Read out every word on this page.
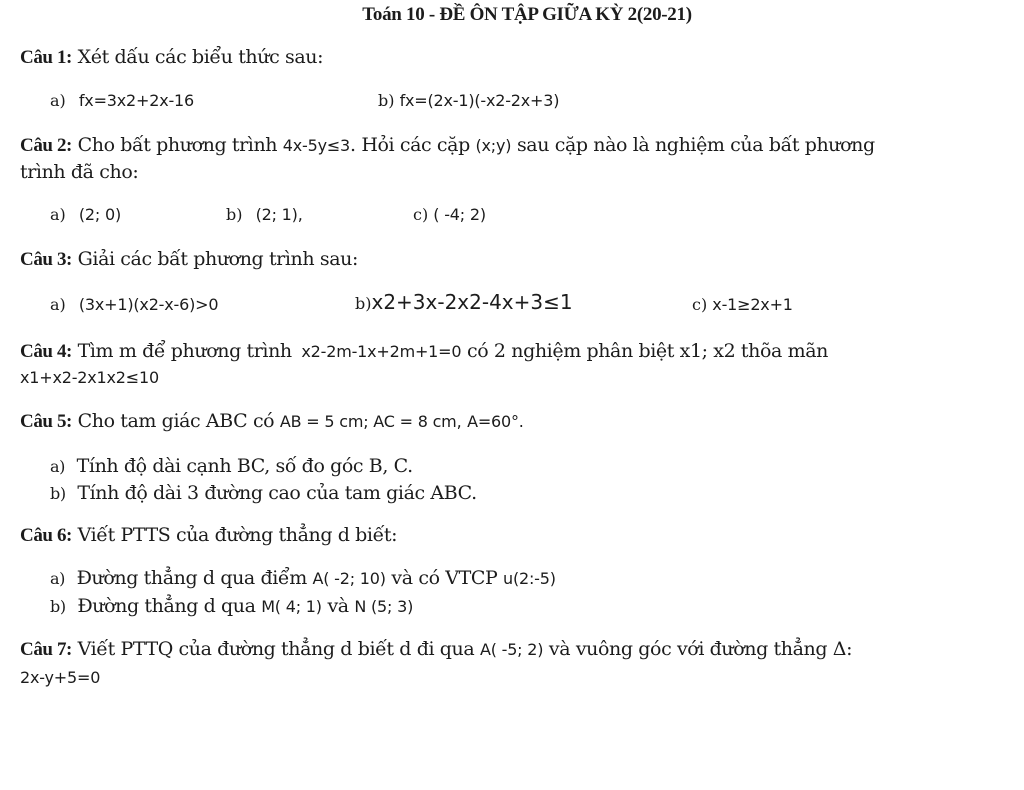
Toán 10 - ĐỀ ÔN TẬP GIỮA KỲ 2(20-21)
Câu 1: Xét dấu các biểu thức sau:
a) fx=3x2+2x-16	b) fx=(2x-1)(-x2-2x+3)
Câu 2: Cho bất phương trình 4x-5y≤3. Hỏi các cặp (x;y) sau cặp nào là nghiệm của bất phương
trình đã cho:
a) (2; 0)	b) (2; 1),	c) ( -4; 2)
Câu 3: Giải các bất phương trình sau:
a) (3x+1)(x2-x-6)>0	b)x2+3x-2x2-4x+3≤1	c) x-1≥2x+1
Câu 4: Tìm m để phương trình x2-2m-1x+2m+1=0 có 2 nghiệm phân biệt x1; x2 thõa mãn
x1+x2-2x1x2≤10
Câu 5: Cho tam giác ABC có AB = 5 cm; AC = 8 cm, A=60°.
a) Tính độ dài cạnh BC, số đo góc B, C.
b) Tính độ dài 3 đường cao của tam giác ABC.
Câu 6: Viết PTTS của đường thẳng d biết:
a) Đường thẳng d qua điểm A( -2; 10) và có VTCP u(2:-5)
b) Đường thẳng d qua M( 4; 1) và N (5; 3)
Câu 7: Viết PTTQ của đường thẳng d biết d đi qua A( -5; 2) và vuông góc với đường thẳng Δ:
2x-y+5=0
